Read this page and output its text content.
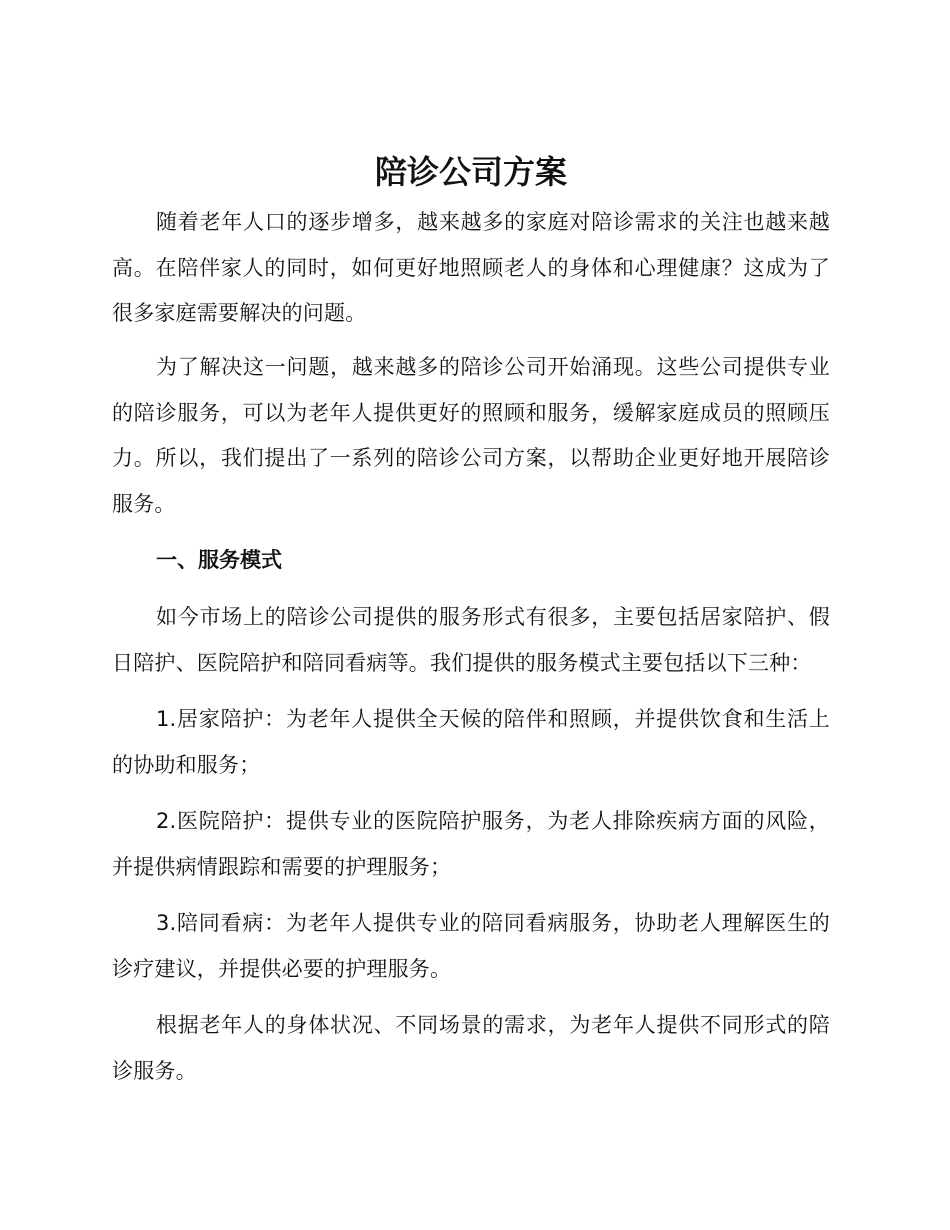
陪诊公司方案

随着老年人口的逐步增多，越来越多的家庭对陪诊需求的关注也越来越高。在陪伴家人的同时，如何更好地照顾老人的身体和心理健康？这成为了很多家庭需要解决的问题。

为了解决这一问题，越来越多的陪诊公司开始涌现。这些公司提供专业的陪诊服务，可以为老年人提供更好的照顾和服务，缓解家庭成员的照顾压力。所以，我们提出了一系列的陪诊公司方案，以帮助企业更好地开展陪诊服务。

一、服务模式

如今市场上的陪诊公司提供的服务形式有很多，主要包括居家陪护、假日陪护、医院陪护和陪同看病等。我们提供的服务模式主要包括以下三种：

1.居家陪护：为老年人提供全天候的陪伴和照顾，并提供饮食和生活上的协助和服务；

2.医院陪护：提供专业的医院陪护服务，为老人排除疾病方面的风险，并提供病情跟踪和需要的护理服务；

3.陪同看病：为老年人提供专业的陪同看病服务，协助老人理解医生的诊疗建议，并提供必要的护理服务。

根据老年人的身体状况、不同场景的需求，为老年人提供不同形式的陪诊服务。
